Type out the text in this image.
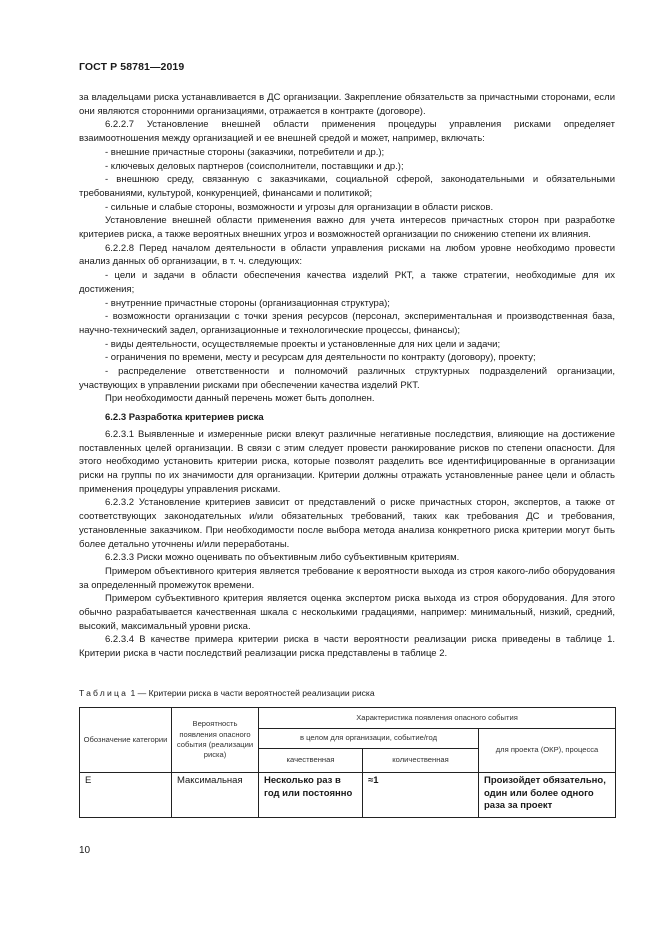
ГОСТ Р 58781—2019

за владельцами риска устанавливается в ДС организации. Закрепление обязательств за причастными сторонами, если они являются сторонними организациями, отражается в контракте (договоре).

6.2.2.7 Установление внешней области применения процедуры управления рисками определяет взаимоотношения между организацией и ее внешней средой и может, например, включать:

- внешние причастные стороны (заказчики, потребители и др.);

- ключевых деловых партнеров (соисполнители, поставщики и др.);

- внешнюю среду, связанную с заказчиками, социальной сферой, законодательными и обязательными требованиями, культурой, конкуренцией, финансами и политикой;

- сильные и слабые стороны, возможности и угрозы для организации в области рисков.

Установление внешней области применения важно для учета интересов причастных сторон при разработке критериев риска, а также вероятных внешних угроз и возможностей организации по снижению степени их влияния.

6.2.2.8 Перед началом деятельности в области управления рисками на любом уровне необходимо провести анализ данных об организации, в т. ч. следующих:

- цели и задачи в области обеспечения качества изделий РКТ, а также стратегии, необходимые для их достижения;

- внутренние причастные стороны (организационная структура);

- возможности организации с точки зрения ресурсов (персонал, экспериментальная и производственная база, научно-технический задел, организационные и технологические процессы, финансы);

- виды деятельности, осуществляемые проекты и установленные для них цели и задачи;

- ограничения по времени, месту и ресурсам для деятельности по контракту (договору), проекту;

- распределение ответственности и полномочий различных структурных подразделений организации, участвующих в управлении рисками при обеспечении качества изделий РКТ.

При необходимости данный перечень может быть дополнен.

6.2.3 Разработка критериев риска

6.2.3.1 Выявленные и измеренные риски влекут различные негативные последствия, влияющие на достижение поставленных целей организации. В связи с этим следует провести ранжирование рисков по степени опасности. Для этого необходимо установить критерии риска, которые позволят разделить все идентифицированные в организации риски на группы по их значимости для организации. Критерии должны отражать установленные ранее цели и область применения процедуры управления рисками.

6.2.3.2 Установление критериев зависит от представлений о риске причастных сторон, экспертов, а также от соответствующих законодательных и/или обязательных требований, таких как требования ДС и требования, установленные заказчиком. При необходимости после выбора метода анализа конкретного риска критерии могут быть более детально уточнены и/или переработаны.

6.2.3.3 Риски можно оценивать по объективным либо субъективным критериям.

Примером объективного критерия является требование к вероятности выхода из строя какого-либо оборудования за определенный промежуток времени.

Примером субъективного критерия является оценка экспертом риска выхода из строя оборудования. Для этого обычно разрабатывается качественная шкала с несколькими градациями, например: минимальный, низкий, средний, высокий, максимальный уровни риска.

6.2.3.4 В качестве примера критерии риска в части вероятности реализации риска приведены в таблице 1. Критерии риска в части последствий реализации риска представлены в таблице 2.

Таблица 1 — Критерии риска в части вероятностей реализации риска
Обозначение категории	Вероятность появления опасного события (реализации риска)	Характеристика появления опасного события		
		в целом для организации, событие/год		для проекта (ОКР), процесса
		качественная	количественная	
Е	Максимальная	Несколько раз в год или постоянно	≈1	Произойдет обязательно, один или более одного раза за проект
10
